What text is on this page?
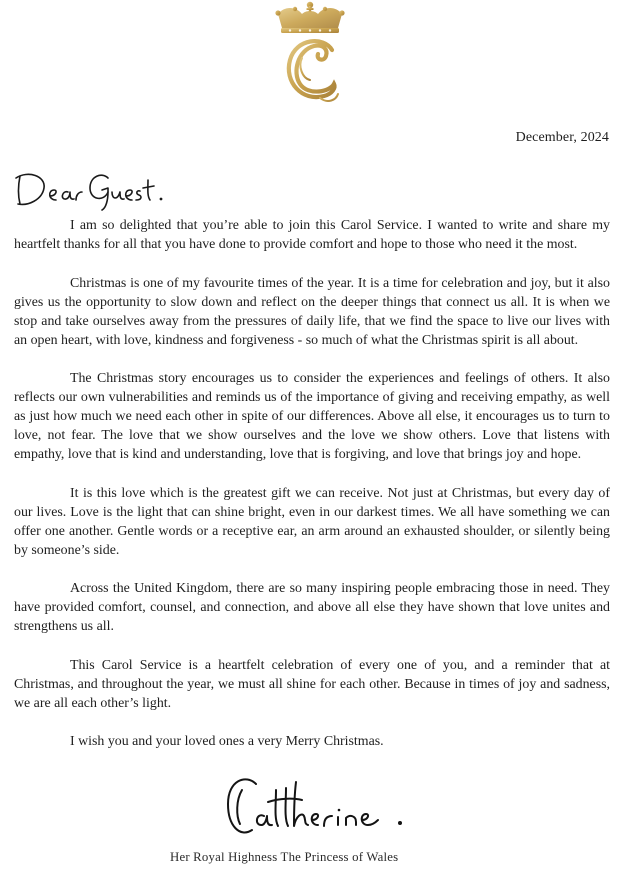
December, 2024

I am so delighted that you’re able to join this Carol Service. I wanted to write and share my heartfelt thanks for all that you have done to provide comfort and hope to those who need it the most.

Christmas is one of my favourite times of the year. It is a time for celebration and joy, but it also gives us the opportunity to slow down and reflect on the deeper things that connect us all. It is when we stop and take ourselves away from the pressures of daily life, that we find the space to live our lives with an open heart, with love, kindness and forgiveness - so much of what the Christmas spirit is all about.

The Christmas story encourages us to consider the experiences and feelings of others. It also reflects our own vulnerabilities and reminds us of the importance of giving and receiving empathy, as well as just how much we need each other in spite of our differences. Above all else, it encourages us to turn to love, not fear. The love that we show ourselves and the love we show others. Love that listens with empathy, love that is kind and understanding, love that is forgiving, and love that brings joy and hope.

It is this love which is the greatest gift we can receive. Not just at Christmas, but every day of our lives. Love is the light that can shine bright, even in our darkest times. We all have something we can offer one another. Gentle words or a receptive ear, an arm around an exhausted shoulder, or silently being by someone’s side.

Across the United Kingdom, there are so many inspiring people embracing those in need. They have provided comfort, counsel, and connection, and above all else they have shown that love unites and strengthens us all.

This Carol Service is a heartfelt celebration of every one of you, and a reminder that at Christmas, and throughout the year, we must all shine for each other. Because in times of joy and sadness, we are all each other’s light.

I wish you and your loved ones a very Merry Christmas.

Her Royal Highness The Princess of Wales
